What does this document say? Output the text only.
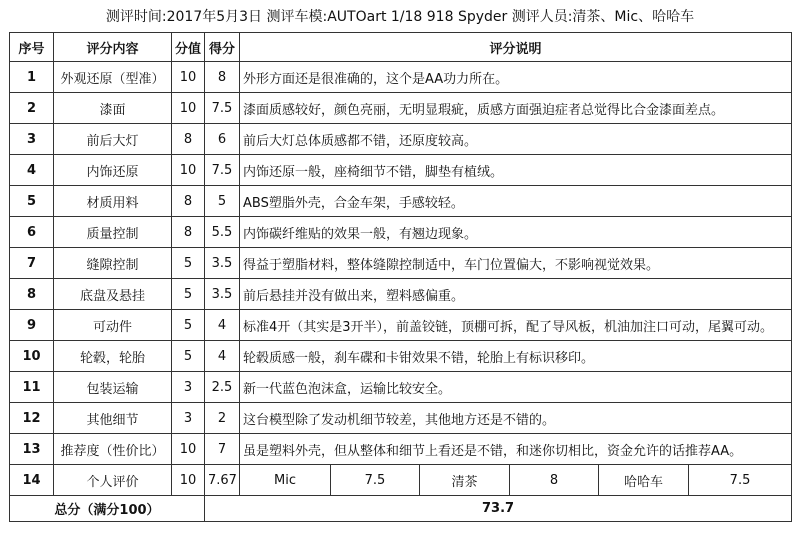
测评时间:2017年5月3日 测评车模:AUTOart 1/18 918 Spyder 测评人员:清茶、Mic、哈哈车
序号	评分内容	分值	得分	评分说明					
1	外观还原（型准）	10	8	外形方面还是很准确的，这个是AA功力所在。					
2	漆面	10	7.5	漆面质感较好，颜色亮丽，无明显瑕疵，质感方面强迫症者总觉得比合金漆面差点。					
3	前后大灯	8	6	前后大灯总体质感都不错，还原度较高。					
4	内饰还原	10	7.5	内饰还原一般，座椅细节不错，脚垫有植绒。					
5	材质用料	8	5	ABS塑脂外壳，合金车架，手感较轻。					
6	质量控制	8	5.5	内饰碳纤维贴的效果一般，有翘边现象。					
7	缝隙控制	5	3.5	得益于塑脂材料，整体缝隙控制适中，车门位置偏大，不影响视觉效果。					
8	底盘及悬挂	5	3.5	前后悬挂并没有做出来，塑料感偏重。					
9	可动件	5	4	标准4开（其实是3开半），前盖铰链，顶棚可拆，配了导风板，机油加注口可动，尾翼可动。					
10	轮毂，轮胎	5	4	轮毂质感一般，刹车碟和卡钳效果不错，轮胎上有标识移印。					
11	包装运输	3	2.5	新一代蓝色泡沫盒，运输比较安全。					
12	其他细节	3	2	这台模型除了发动机细节较差，其他地方还是不错的。					
13	推荐度（性价比）	10	7	虽是塑料外壳，但从整体和细节上看还是不错，和迷你切相比，资金允许的话推荐AA。					
14	个人评价	10	7.67	Mic	7.5	清茶	8	哈哈车	7.5
总分（满分100）			73.7						
